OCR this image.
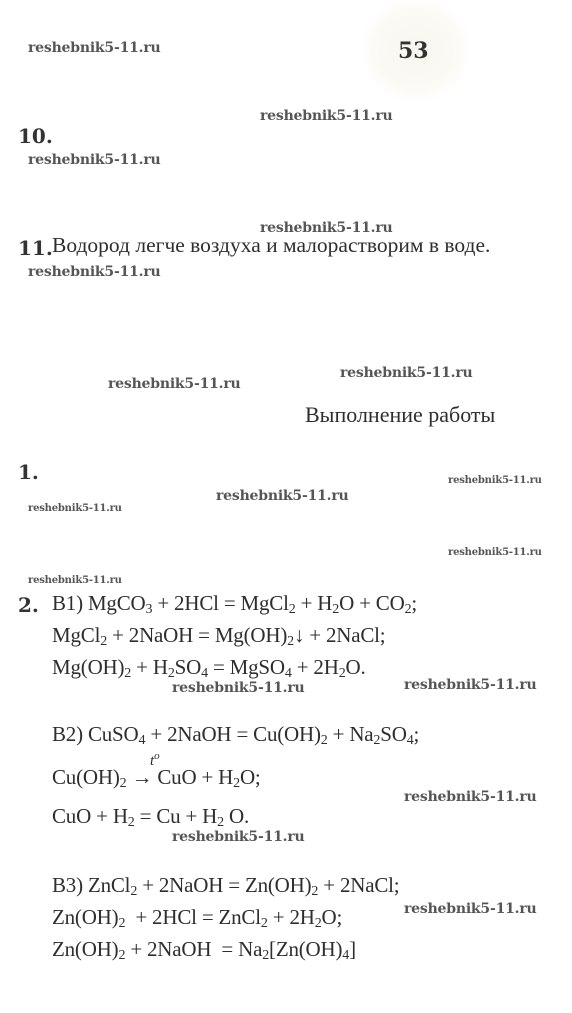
53
reshebnik5-11.ru
reshebnik5-11.ru
reshebnik5-11.ru
reshebnik5-11.ru
reshebnik5-11.ru
reshebnik5-11.ru
reshebnik5-11.ru
reshebnik5-11.ru
reshebnik5-11.ru
reshebnik5-11.ru
reshebnik5-11.ru
reshebnik5-11.ru
reshebnik5-11.ru
reshebnik5-11.ru
reshebnik5-11.ru
reshebnik5-11.ru
reshebnik5-11.ru
10.
11. Водород легче воздуха и малорастворим в воде.
Выполнение работы
1.
2. B1) MgCO$_3$ + 2HCl = MgCl$_2$ + $H_2O + CO_2$;
MgCl$_2$ + 2NaOH = $Mg(OH)_2↓$ + 2NaCl;
$Mg(OH)_2 + H_2SO_4$ = MgSO$_4$ + $2H_2O$.
B2) CuSO$_4$ + 2NaOH = $Cu(OH)_2 + Na_2SO_4$;
$t^o$
$Cu(OH)_2$ → CuO + $H_2O$;
CuO + $H_2 = Cu + H_2$ O.
B3) ZnCl$_2$ + 2NaOH = $Zn(OH)_2$ + 2NaCl;
$Zn(OH)_2 + 2HCl$ = ZnCl$_2$ + $2H_2O$;
$Zn(OH)_2$ + 2NaOH  = $Na_2[Zn(OH)_4]$
